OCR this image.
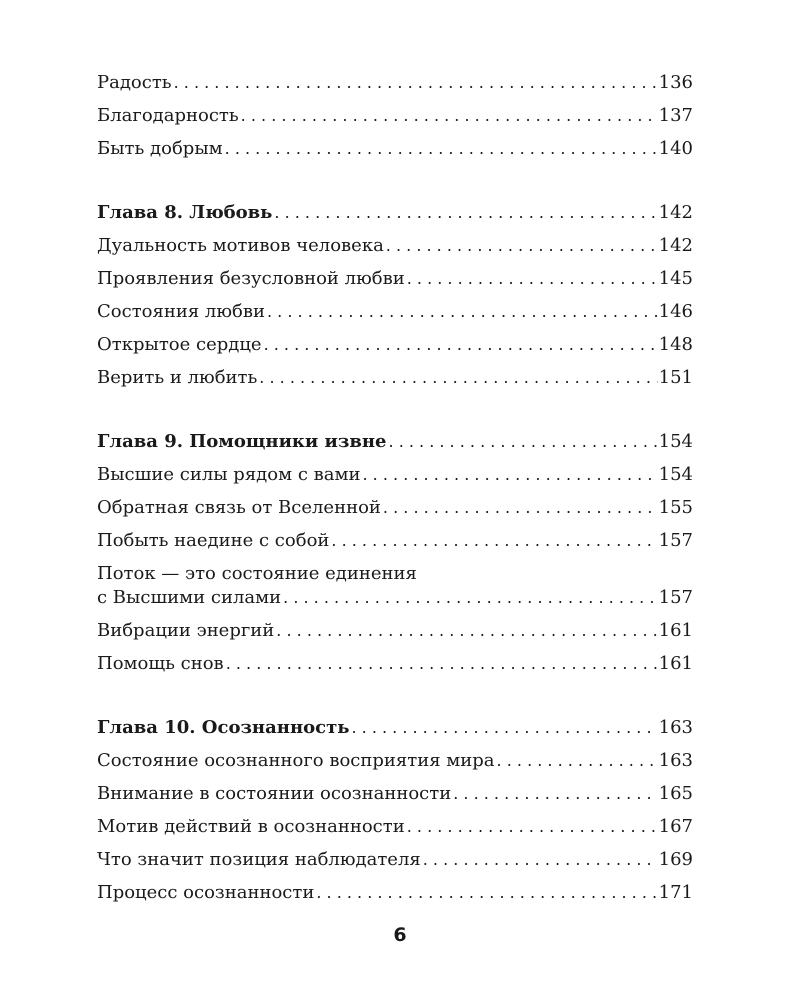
Радость . . .	136
Благодарность . . .	137
Быть добрым . . .	140
Глава 8. Любовь . . .	142
Дуальность мотивов человека . . .	142
Проявления безусловной любви . . .	145
Состояния любви . . .	146
Открытое сердце . . .	148
Верить и любить . . .	151
Глава 9. Помощники извне . . .	154
Высшие силы рядом с вами . . .	154
Обратная связь от Вселенной . . .	155
Побыть наедине с собой . . .	157
Поток — это состояние единения
с Высшими силами . . .	157
Вибрации энергий . . .	161
Помощь снов . . .	161
Глава 10. Осознанность . . .	163
Состояние осознанного восприятия мира . . .	163
Внимание в состоянии осознанности . . .	165
Мотив действий в осознанности . . .	167
Что значит позиция наблюдателя . . .	169
Процесс осознанности . . .	171
6
